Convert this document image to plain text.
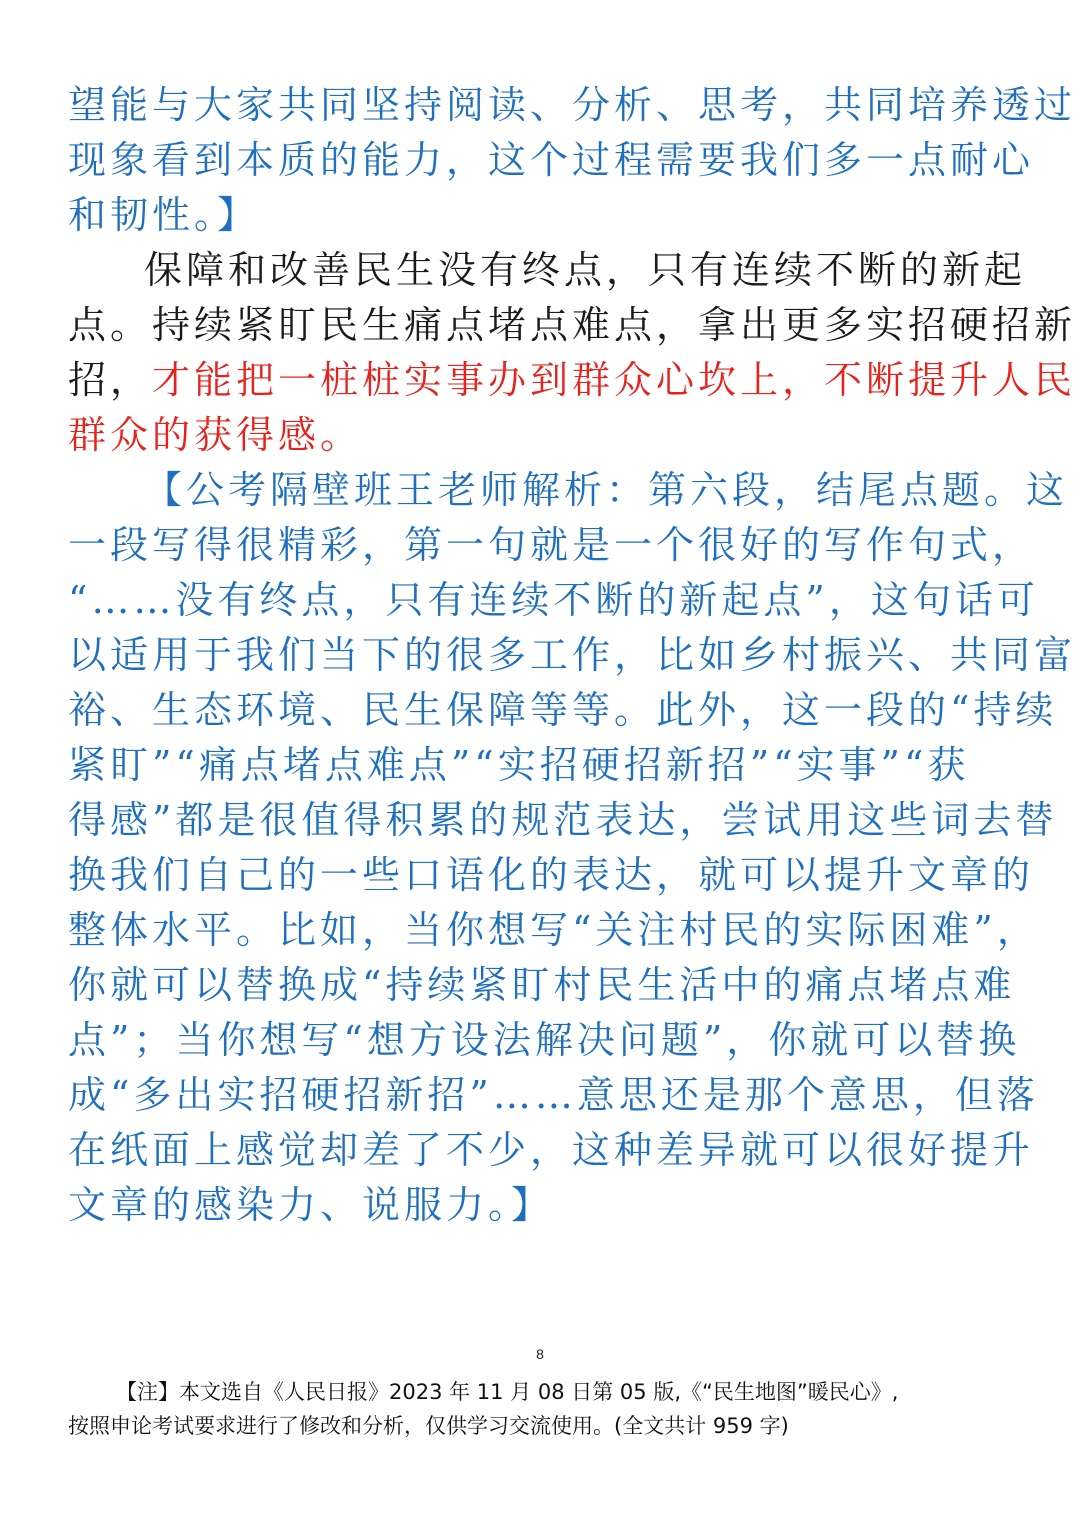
望能与大家共同坚持阅读、分析、思考，共同培养透过
现象看到本质的能力，这个过程需要我们多一点耐心
和韧性。】
保障和改善民生没有终点，只有连续不断的新起
点。持续紧盯民生痛点堵点难点，拿出更多实招硬招新
招，才能把一桩桩实事办到群众心坎上，不断提升人民
群众的获得感。
【公考隔壁班王老师解析：第六段，结尾点题。这
一段写得很精彩，第一句就是一个很好的写作句式，
“……没有终点，只有连续不断的新起点”，这句话可
以适用于我们当下的很多工作，比如乡村振兴、共同富
裕、生态环境、民生保障等等。此外，这一段的“持续
紧盯”“痛点堵点难点”“实招硬招新招”“实事”“获
得感”都是很值得积累的规范表达，尝试用这些词去替
换我们自己的一些口语化的表达，就可以提升文章的
整体水平。比如，当你想写“关注村民的实际困难”，
你就可以替换成“持续紧盯村民生活中的痛点堵点难
点”；当你想写“想方设法解决问题”，你就可以替换
成“多出实招硬招新招”……意思还是那个意思，但落
在纸面上感觉却差了不少，这种差异就可以很好提升
文章的感染力、说服力。】
8
【注】本文选自《人民日报》2023 年 11 月 08 日第 05 版,《“民生地图”暖民心》,
按照申论考试要求进行了修改和分析，仅供学习交流使用。(全文共计 959 字)
